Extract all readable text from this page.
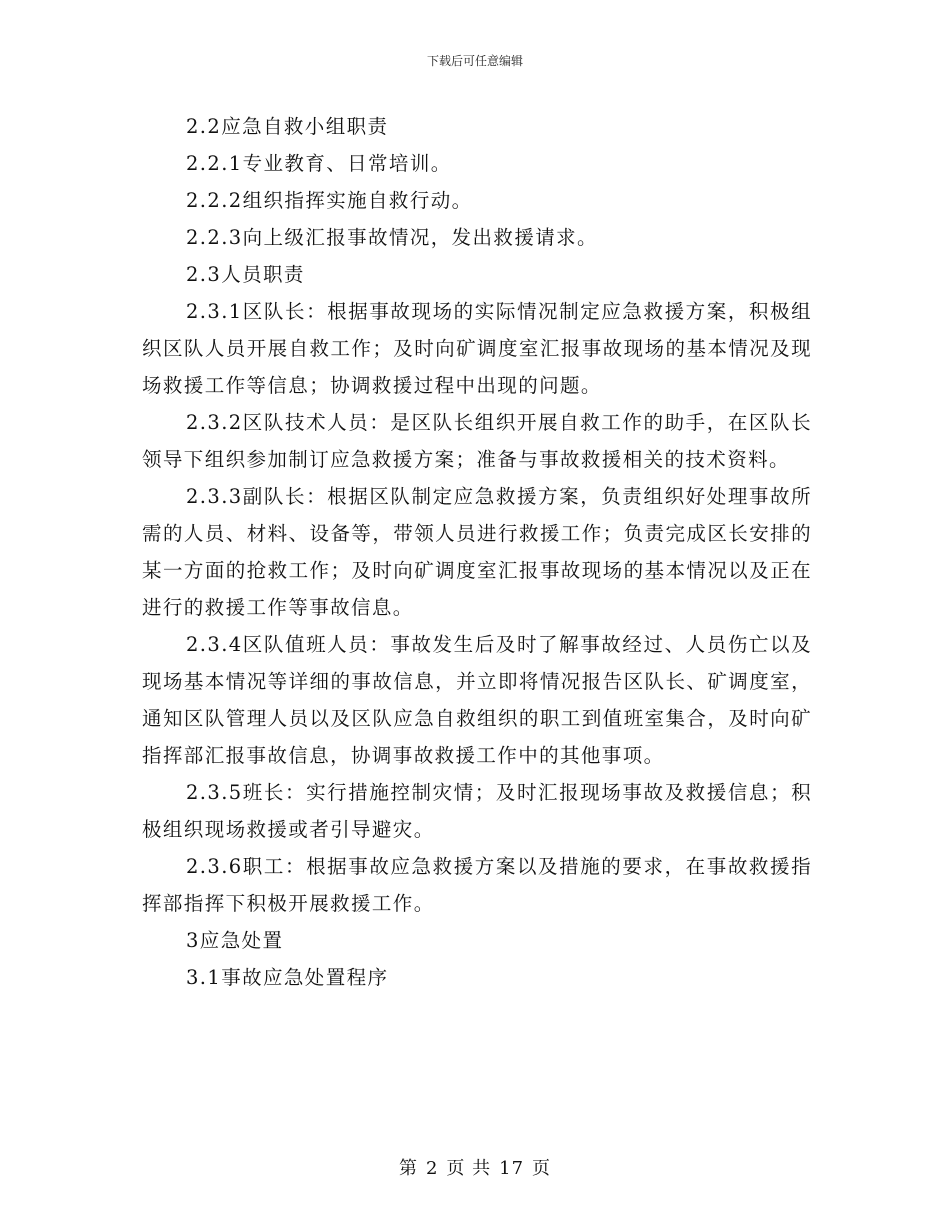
下载后可任意编辑

2.2应急自救小组职责

2.2.1专业教育、日常培训。

2.2.2组织指挥实施自救行动。

2.2.3向上级汇报事故情况，发出救援请求。

2.3人员职责

2.3.1区队长：根据事故现场的实际情况制定应急救援方案，积极组织区队人员开展自救工作；及时向矿调度室汇报事故现场的基本情况及现场救援工作等信息；协调救援过程中出现的问题。

2.3.2区队技术人员：是区队长组织开展自救工作的助手，在区队长领导下组织参加制订应急救援方案；准备与事故救援相关的技术资料。

2.3.3副队长：根据区队制定应急救援方案，负责组织好处理事故所需的人员、材料、设备等，带领人员进行救援工作；负责完成区长安排的某一方面的抢救工作；及时向矿调度室汇报事故现场的基本情况以及正在进行的救援工作等事故信息。

2.3.4区队值班人员：事故发生后及时了解事故经过、人员伤亡以及现场基本情况等详细的事故信息，并立即将情况报告区队长、矿调度室，通知区队管理人员以及区队应急自救组织的职工到值班室集合，及时向矿指挥部汇报事故信息，协调事故救援工作中的其他事项。

2.3.5班长：实行措施控制灾情；及时汇报现场事故及救援信息；积极组织现场救援或者引导避灾。

2.3.6职工：根据事故应急救援方案以及措施的要求，在事故救援指挥部指挥下积极开展救援工作。

3应急处置

3.1事故应急处置程序

第 2 页 共 17 页
